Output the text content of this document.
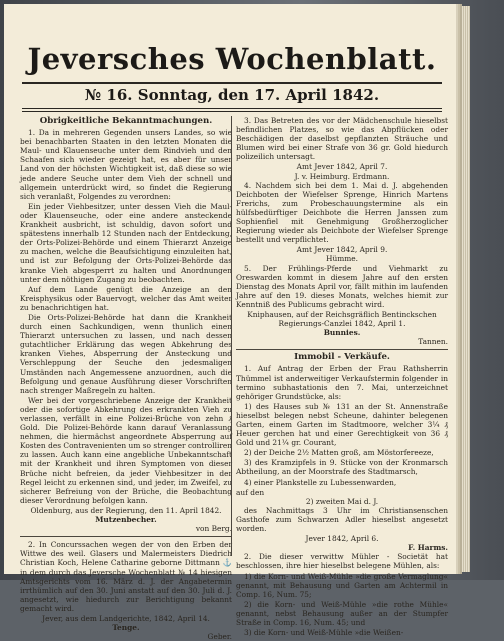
Jeversches Wochenblatt.
№ 16. Sonntag, den 17. April 1842.
Obrigkeitliche Bekanntmachungen.

1. Da in mehreren Gegenden unsers Landes, so wie bei benachbarten Staaten in den letzten Monaten die Maul- und Klauenseuche unter dem Rindvieh und den Schaafen sich wieder gezeigt hat, es aber für unser Land von der höchsten Wichtigkeit ist, daß diese so wie jede andere Seuche unter dem Vieh der schnell und allgemein unterdrückt wird, so findet die Regierung sich veranlaßt, Folgendes zu verordnen:

Ein jeder Viehbesitzer, unter dessen Vieh die Maul- oder Klauenseuche, oder eine andere ansteckende Krankheit ausbricht, ist schuldig, davon sofort und spätestens innerhalb 12 Stunden nach der Entdeckung, der Orts-Polizei-Behörde und einem Thierarzt Anzeige zu machen, welche die Beaufsichtigung einzuleiten hat, und ist zur Befolgung der Orts-Polizei-Behörde das kranke Vieh abgesperrt zu halten und Anordnungen unter dem nöthigen Zugang zu beobachten.

Auf dem Lande genügt die Anzeige an den Kreisphysikus oder Bauervogt, welcher das Amt weiter zu benachrichtigen hat.

Die Orts-Polizei-Behörde hat dann die Krankheit durch einen Sachkundigen, wenn thunlich einen Thierarzt untersuchen zu lassen, und nach dessen gutachtlicher Erklärung das wegen Abkehrung des kranken Viehes, Absperrung der Ansteckung und Verschleppung der Seuche den jedesmaligen Umständen nach Angemessene anzuordnen, auch die Befolgung und genaue Ausführung dieser Vorschriften nach strenger Maßregeln zu halten.

Wer bei der vorgeschriebene Anzeige der Krankheit oder die sofortige Abkehrung des erkrankten Vieh zu verlassen, verfällt in eine Polizei-Brüche von zehn ₰ Gold. Die Polizei-Behörde kann darauf Veranlassung nehmen, die hiermächst angeordnete Absperrung auf Kosten des Contravenienten um so strenger controlliren zu lassen. Auch kann eine angebliche Unbekanntschaft mit der Krankheit und ihren Symptomen von dieser Brüche nicht befreien, da jeder Viehbesitzer in der Regel leicht zu erkennen sind, und jeder, im Zweifel, zu sicherer Befreiung von der Brüche, die Beobachtung dieser Verordnung befolgen kann.

Oldenburg, aus der Regierung, den 11. April 1842.
Mutzenbecher.
von Berg.

2. In Concurssachen wegen der von den Erben der Wittwe des weil. Glasers und Malermeisters Diedrich Christian Koch, Helene Catharine geborne Dittmann ⚓ in dem durch das Jeversche Wochenblatt № 14 hiesigen Amtsgerichts vom 16. März d. J. der Angabetermin irrthümlich auf den 30. Juni anstatt auf den 30. Juli d. J. angesetzt, wie hiedurch zur Berichtigung bekannt gemacht wird.

Jever, aus dem Landgerichte, 1842, April 14.
Tenge.
Geber.

3. Das Betreten des vor der Mädchenschule hieselbst befindlichen Platzes, so wie das Abpflücken oder Beschädigen der daselbst gepflanzten Sträuche und Blumen wird bei einer Strafe von 36 gr. Gold hiedurch polizeilich untersagt.

Amt Jever 1842, April 7.
J. v. Heimburg. Erdmann.

4. Nachdem sich bei dem 1. Mai d. J. abgehenden Deichboten der Wiefelser Sprenge, Hinrich Martens Frerichs, zum Probeschauungstermine als ein hülfsbedürftiger Deichbote die Herren Janssen zum Sophienfiel mit Genehmigung Großherzoglicher Regierung wieder als Deichbote der Wiefelser Sprenge bestellt und verpflichtet.

Amt Jever 1842, April 9.
Hümme.

5. Der Frühlings-Pferde und Viehmarkt zu Oreswarden kommt in diesem Jahre auf den ersten Dienstag des Monats April vor, fällt mithin im laufenden Jahre auf den 19. dieses Monats, welches hiemit zur Kenntniß des Publicums gebracht wird.

Kniphausen, auf der Reichsgräflich Bentinckschen Regierungs-Canzlei 1842, April 1.
Bunnies.
Tannen.
Immobil - Verkäufe.

1. Auf Antrag der Erben der Frau Rathsherrin Thümmel ist anderweitiger Verkaufstermin folgender in termino subhastationis den 7. Mai, unterzeichnet gehöriger Grundstücke, als:

1) des Hauses sub № 131 an der St. Annenstraße hieselbst belegen nebst Scheune, dahinter belegenen Garten, einem Garten im Stadtmoore, welcher 3¼ ₰ Heuer gerchen hat und einer Gerechtigkeit von 36 ₰ Gold und 21¼ gr. Courant,

2) der Deiche 2½ Matten groß, am Möstorfereeze,

3) des Kramzipfels in 9. Stücke von der Kronmarsch Abtheilung, an der Moorstrafe des Stadtmarsch,

4) einer Plankstelle zu Lubessenwarden,

auf den
2) zweiten Mai d. J.

des Nachmittags 3 Uhr im Christiansenschen Gasthofe zum Schwarzen Adler hieselbst angesetzt worden.

Jever 1842, April 6.
F. Harms.

2. Die dieser verwittw Mühler - Societät hat beschlossen, ihre hier hieselbst belegene Mühlen, als:

1) die Korn- und Weiß-Mühle »die große Vermaglung« genannt, mit Behausung und Garten am Achtermil in Comp. 16, Num. 75;

2) die Korn- und Weiß-Mühle »die rothe Mühle« genannt, nebst Behausung außer an der Stumpfer Straße in Comp. 16, Num. 45; und

3) die Korn- und Weiß-Mühle »die Weißen-
